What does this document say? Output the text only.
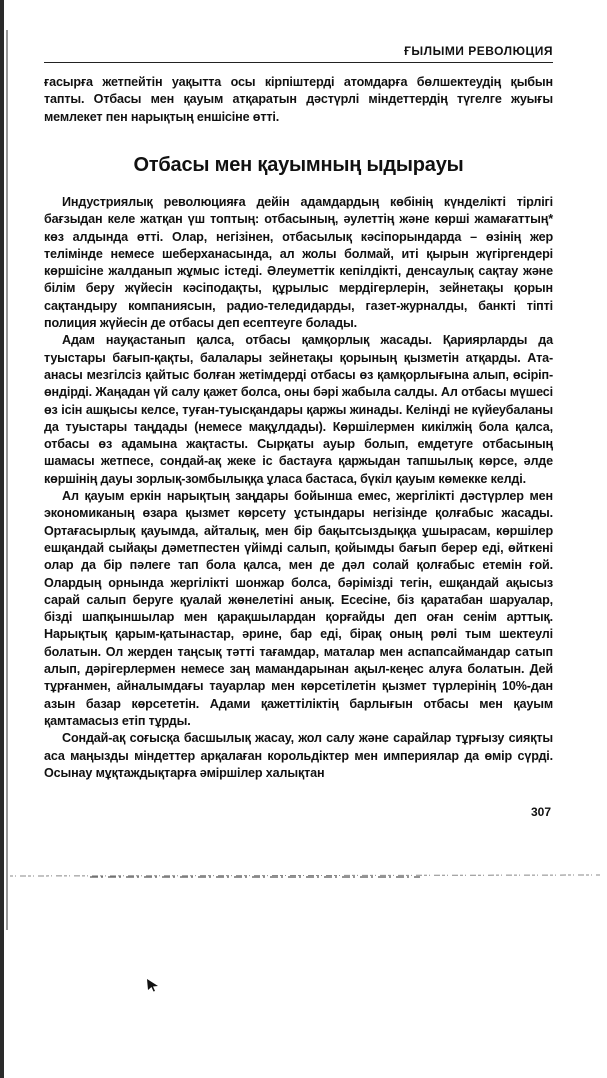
ҒЫЛЫМИ РЕВОЛЮЦИЯ

ғасырға жетпейтін уақытта осы кірпіштерді атомдарға бөлшектеудің қыбын тапты. Отбасы мен қауым атқаратын дәстүрлі міндеттердің түгелге жуығы мемлекет пен нарықтың еншісіне өтті.

Отбасы мен қауымның ыдырауы

Индустриялық революцияға дейін адамдардың көбінің күнделікті тірлігі бағзыдан келе жатқан үш топтың: отбасының, әулеттің және көрші жамағаттың* көз алдында өтті. Олар, негізінен, отбасылық кәсіпорындарда – өзінің жер телімінде немесе шеберханасында, ал жолы болмай, иті қырын жүгіргендері көршісіне жалданып жұмыс істеді. Әлеуметтік кепілдікті, денсаулық сақтау және білім беру жүйесін кәсіподақты, құрылыс мердігерлерін, зейнетақы қорын сақтандыру компаниясын, радио-теледидарды, газет-журналды, банкті тіпті полиция жүйесін де отбасы деп есептеуге болады.

Адам науқастанып қалса, отбасы қамқорлық жасады. Қариярларды да туыстары бағып-қақты, балалары зейнетақы қорының қызметін атқарды. Ата-анасы мезгілсіз қайтыс болған жетімдерді отбасы өз қамқорлығына алып, өсіріп-өндірді. Жаңадан үй салу қажет болса, оны бәрі жабыла салды. Ал отбасы мүшесі өз ісін ашқысы келсе, туған-туысқандары қаржы жинады. Келінді не күйеубаланы да туыстары таңдады (немесе мақұлдады). Көршілермен кикілжің бола қалса, отбасы өз адамына жақтасты. Сырқаты ауыр болып, емдетуге отбасының шамасы жетпесе, сондай-ақ жеке іс бастауға қаржыдан тапшылық көрсе, әлде көршінің дауы зорлық-зомбылыққа ұласа бастаса, бүкіл қауым көмекке келді.

Ал қауым еркін нарықтың заңдары бойынша емес, жергілікті дәстүрлер мен экономиканың өзара қызмет көрсету ұстындары негізінде қолғабыс жасады. Ортағасырлық қауымда, айталық, мен бір бақытсыздыққа ұшырасам, көршілер ешқандай сыйақы дәметпестен үйімді салып, қойымды бағып берер еді, өйткені олар да бір пәлеге тап бола қалса, мен де дәл солай қолғабыс етемін ғой. Олардың орнында жергілікті шонжар болса, бәрімізді тегін, ешқандай ақысыз сарай салып беруге қуалай жөнелетіні анық. Есесіне, біз қаратабан шаруалар, бізді шапқыншылар мен қарақшылардан қорғайды деп оған сенім арттық. Нарықтық қарым-қатынастар, әрине, бар еді, бірақ оның рөлі тым шектеулі болатын. Ол жерден таңсық тәтті тағамдар, маталар мен аспапсаймандар сатып алып, дәрігерлермен немесе заң мамандарынан ақыл-кеңес алуға болатын. Дей тұрғанмен, айналымдағы тауарлар мен көрсетілетін қызмет түрлерінің 10%-дан азын базар көрсететін. Адами қажеттіліктің барлығын отбасы мен қауым қамтамасыз етіп тұрды.

Сондай-ақ соғысқа басшылық жасау, жол салу және сарайлар тұрғызу сияқты аса маңызды міндеттер арқалаған корольдіктер мен империялар да өмір сүрді. Осынау мұқтаждықтарға әміршілер халықтан

307
